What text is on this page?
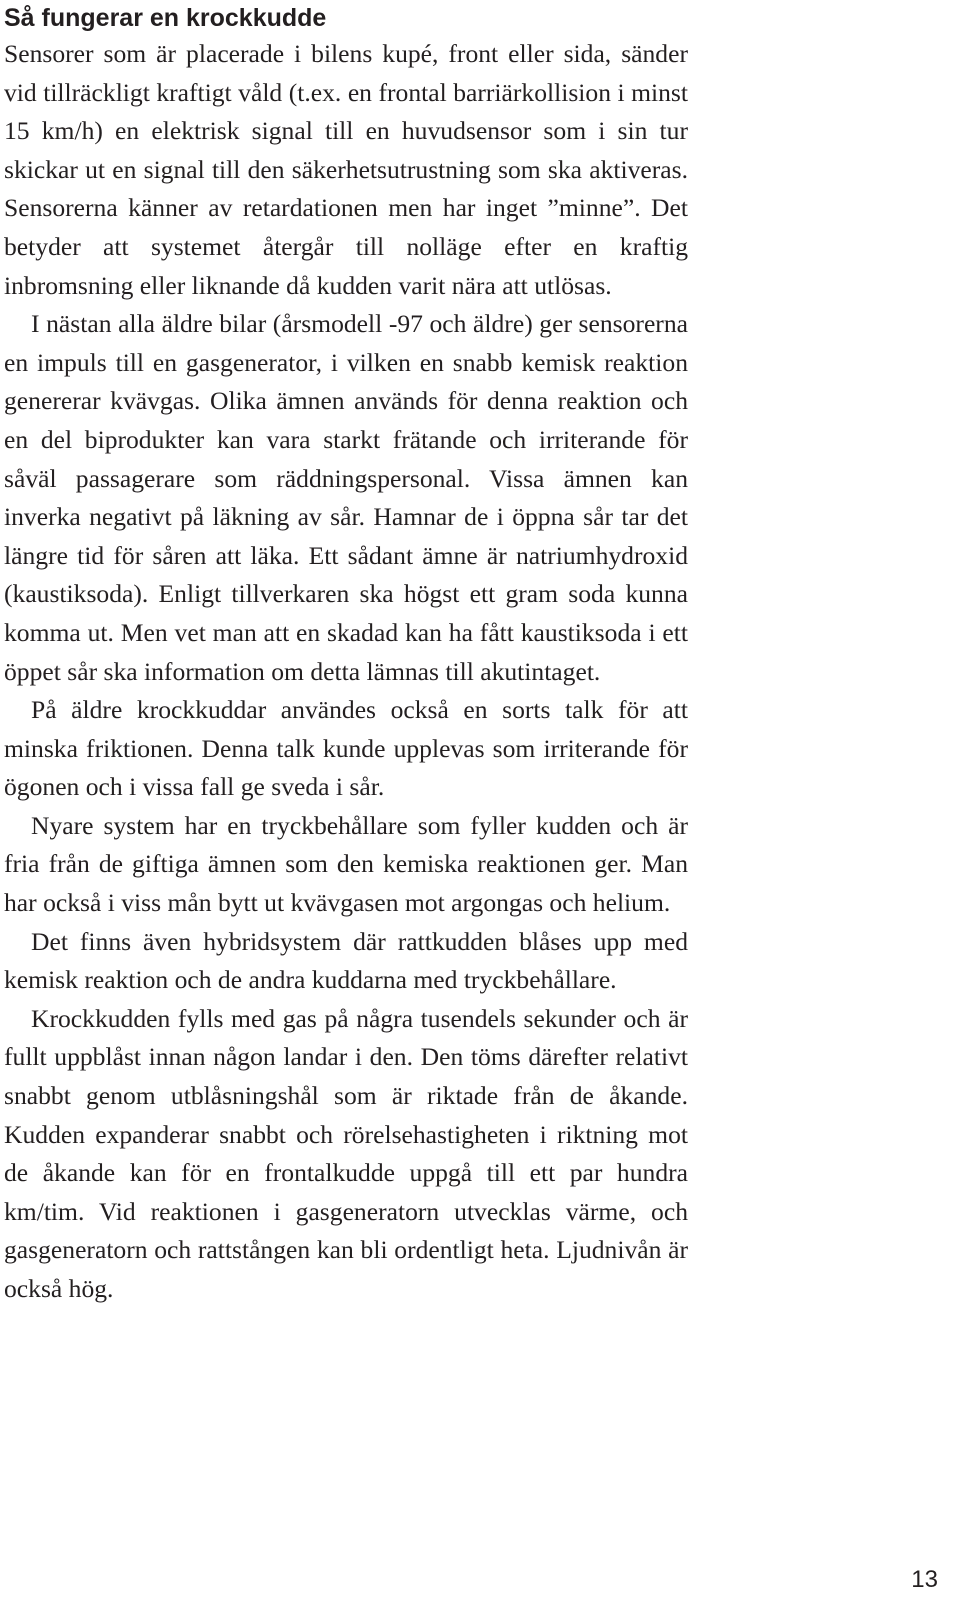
Så fungerar en krockkudde

Sensorer som är placerade i bilens kupé, front eller sida, sänder vid tillräckligt kraftigt våld (t.ex. en frontal barriärkollision i minst 15 km/h) en elektrisk signal till en huvudsensor som i sin tur skickar ut en signal till den säkerhetsutrustning som ska aktiveras. Sensorerna känner av retardationen men har inget ”minne”. Det betyder att systemet återgår till nolläge efter en kraftig inbromsning eller liknande då kudden varit nära att utlösas.

I nästan alla äldre bilar (årsmodell -97 och äldre) ger sensorerna en impuls till en gasgenerator, i vilken en snabb kemisk reaktion genererar kvävgas. Olika ämnen används för denna reaktion och en del biprodukter kan vara starkt frätande och irriterande för såväl passagerare som räddningspersonal. Vissa ämnen kan inverka negativt på läkning av sår. Hamnar de i öppna sår tar det längre tid för såren att läka. Ett sådant ämne är natriumhydroxid (kaustiksoda). Enligt tillverkaren ska högst ett gram soda kunna komma ut. Men vet man att en skadad kan ha fått kaustiksoda i ett öppet sår ska information om detta lämnas till akutintaget.

På äldre krockkuddar användes också en sorts talk för att minska friktionen. Denna talk kunde upplevas som irriterande för ögonen och i vissa fall ge sveda i sår.

Nyare system har en tryckbehållare som fyller kudden och är fria från de giftiga ämnen som den kemiska reaktionen ger. Man har också i viss mån bytt ut kvävgasen mot argongas och helium.

Det finns även hybridsystem där rattkudden blåses upp med kemisk reaktion och de andra kuddarna med tryckbehållare.

Krockkudden fylls med gas på några tusendels sekunder och är fullt uppblåst innan någon landar i den. Den töms därefter relativt snabbt genom utblåsningshål som är riktade från de åkande. Kudden expanderar snabbt och rörelsehastigheten i riktning mot de åkande kan för en frontalkudde uppgå till ett par hundra km/tim. Vid reaktionen i gasgeneratorn utvecklas värme, och gasgeneratorn och rattstången kan bli ordentligt heta. Ljudnivån är också hög.

13
